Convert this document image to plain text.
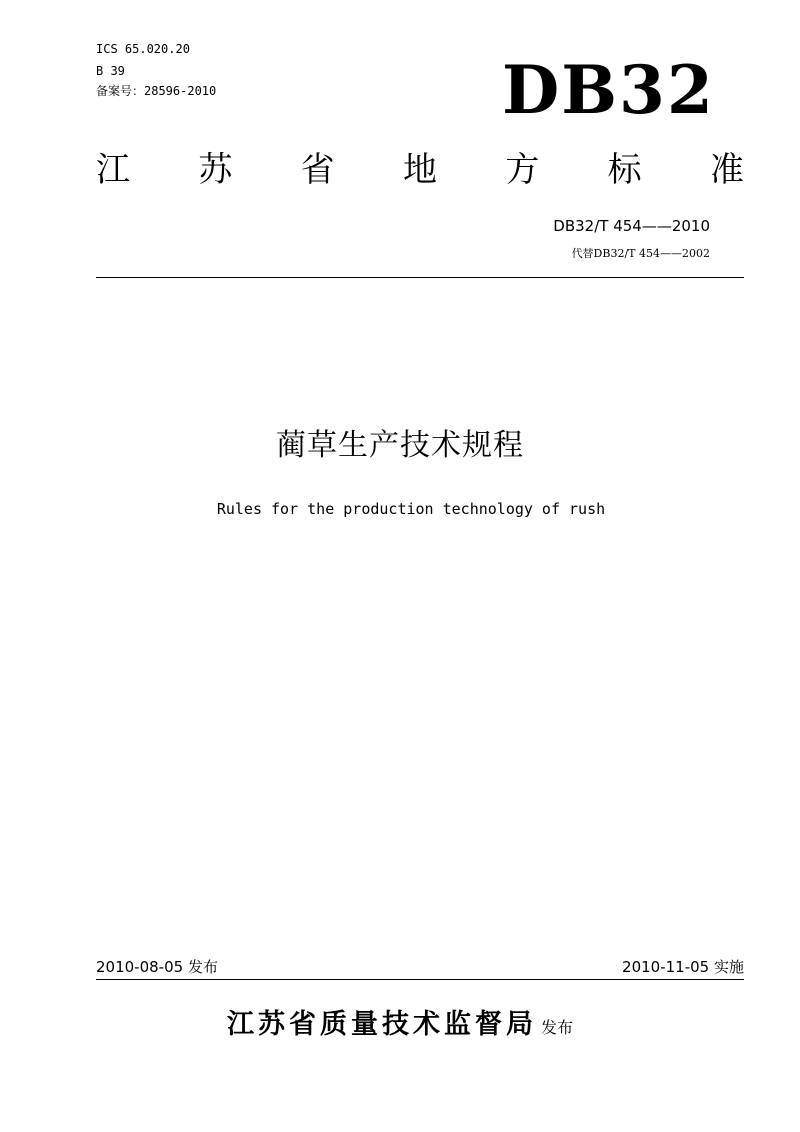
ICS 65.020.20
B 39
备案号：28596-2010	DB32
江 苏 省 地 方 标 准
DB32/T 454——2010
代替DB32/T 454——2002
蔺草生产技术规程
Rules for the production technology of rush
2010-08-05 发布	2010-11-05 实施
江苏省质量技术监督局 发布
